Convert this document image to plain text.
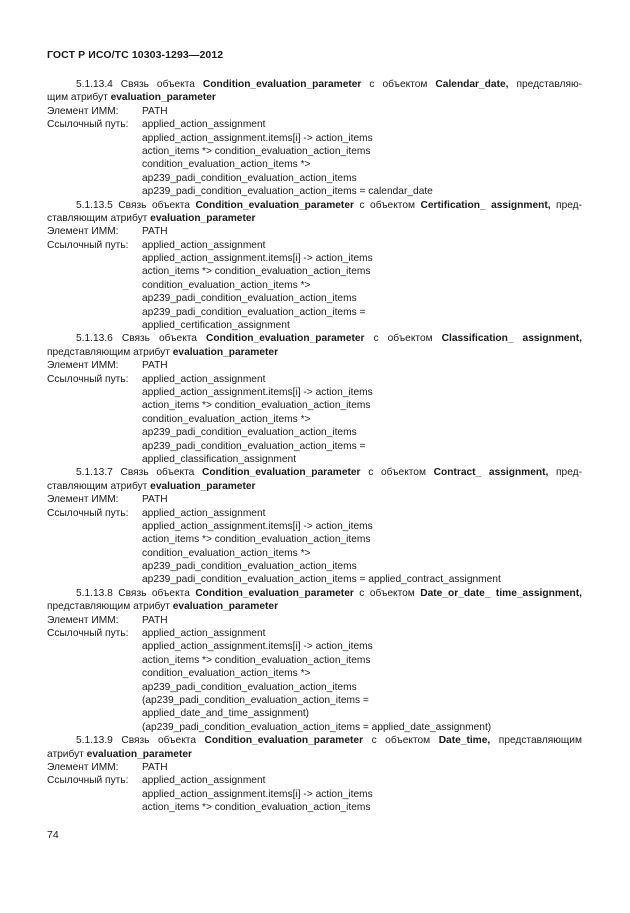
ГОСТ Р ИСО/ТС 10303-1293—2012
5.1.13.4 Связь объекта Condition_evaluation_parameter с объектом Calendar_date, представляю-
щим атрибут evaluation_parameter
Элемент ИММ: PATH
Ссылочный путь: applied_action_assignment
applied_action_assignment.items[i] -> action_items
action_items *> condition_evaluation_action_items
condition_evaluation_action_items *>
ap239_padi_condition_evaluation_action_items
ap239_padi_condition_evaluation_action_items = calendar_date
5.1.13.5 Связь объекта Condition_evaluation_parameter с объектом Certification_ assignment, пред-
ставляющим атрибут evaluation_parameter
Элемент ИММ: PATH
Ссылочный путь: applied_action_assignment
applied_action_assignment.items[i] -> action_items
action_items *> condition_evaluation_action_items
condition_evaluation_action_items *>
ap239_padi_condition_evaluation_action_items
ap239_padi_condition_evaluation_action_items =
applied_certification_assignment
5.1.13.6 Связь объекта Condition_evaluation_parameter с объектом Classification_ assignment,
представляющим атрибут evaluation_parameter
Элемент ИММ: PATH
Ссылочный путь: applied_action_assignment
applied_action_assignment.items[i] -> action_items
action_items *> condition_evaluation_action_items
condition_evaluation_action_items *>
ap239_padi_condition_evaluation_action_items
ap239_padi_condition_evaluation_action_items =
applied_classification_assignment
5.1.13.7 Связь объекта Condition_evaluation_parameter с объектом Contract_ assignment, пред-
ставляющим атрибут evaluation_parameter
Элемент ИММ: PATH
Ссылочный путь: applied_action_assignment
applied_action_assignment.items[i] -> action_items
action_items *> condition_evaluation_action_items
condition_evaluation_action_items *>
ap239_padi_condition_evaluation_action_items
ap239_padi_condition_evaluation_action_items = applied_contract_assignment
5.1.13.8 Связь объекта Condition_evaluation_parameter с объектом Date_or_date_ time_assignment,
представляющим атрибут evaluation_parameter
Элемент ИММ: PATH
Ссылочный путь: applied_action_assignment
applied_action_assignment.items[i] -> action_items
action_items *> condition_evaluation_action_items
condition_evaluation_action_items *>
ap239_padi_condition_evaluation_action_items
(ap239_padi_condition_evaluation_action_items =
applied_date_and_time_assignment)
(ap239_padi_condition_evaluation_action_items = applied_date_assignment)
5.1.13.9 Связь объекта Condition_evaluation_parameter с объектом Date_time, представляющим
атрибут evaluation_parameter
Элемент ИММ: PATH
Ссылочный путь: applied_action_assignment
applied_action_assignment.items[i] -> action_items
action_items *> condition_evaluation_action_items
74
